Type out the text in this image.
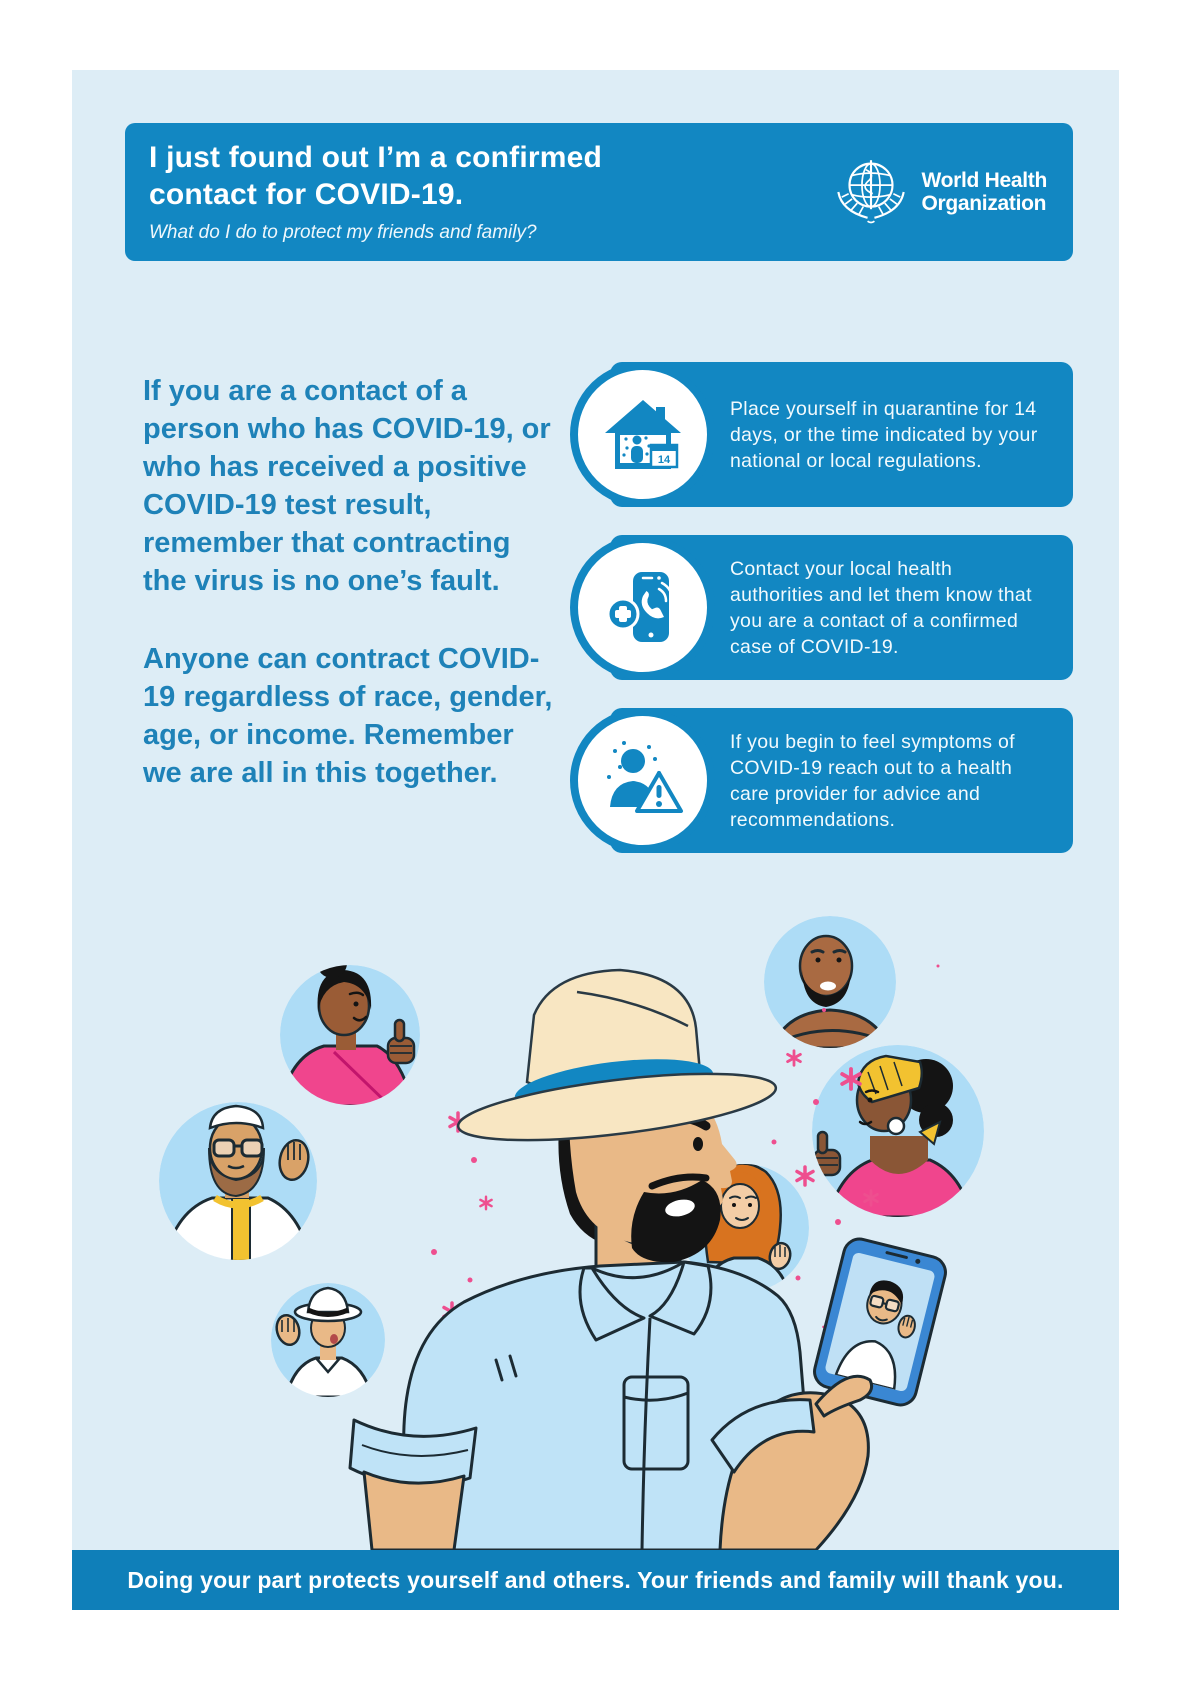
I just found out I’m a confirmed
contact for COVID-19.

What do I do to protect my friends and family?

World Health
Organization

If you are a contact of a person who has COVID-19, or who has received a positive COVID-19 test result, remember that contracting the virus is no one’s fault.

Anyone can contract COVID-19 regardless of race, gender, age, or income. Remember we are all in this together.

Place yourself in quarantine for 14 days, or the time indicated by your national or local regulations.

14

Contact your local health authorities and let them know that you are a contact of a confirmed case of COVID-19.

If you begin to feel symptoms of COVID-19 reach out to a health care provider for advice and recommendations.

Doing your part protects yourself and others. Your friends and family will thank you.
